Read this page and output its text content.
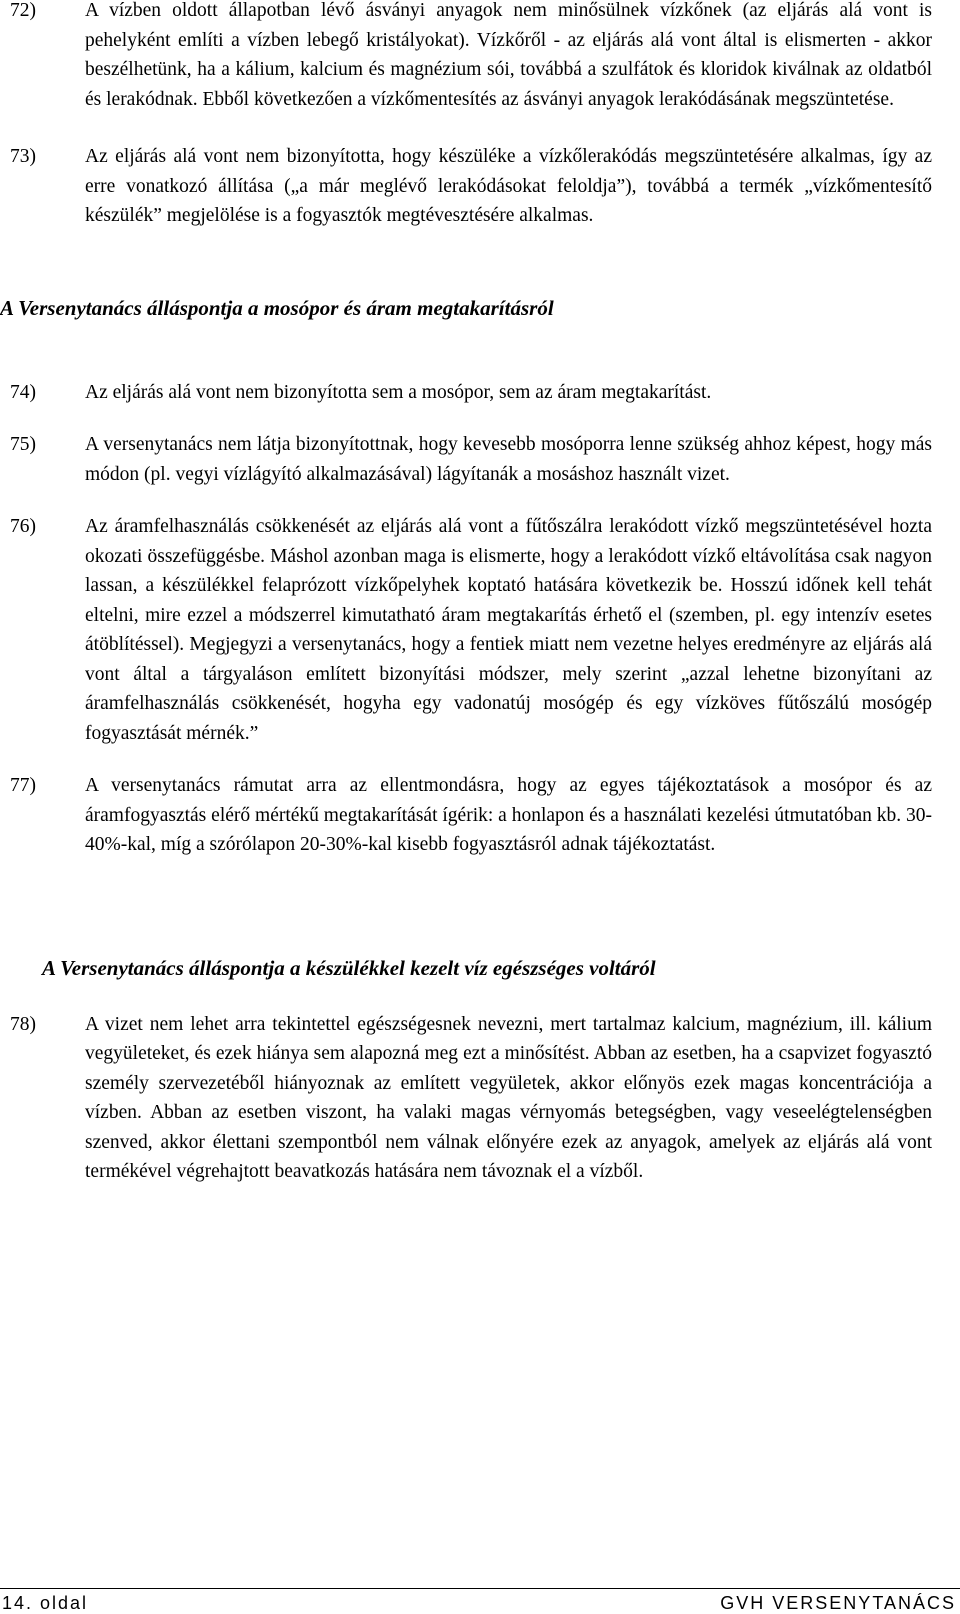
72)	A vízben oldott állapotban lévő ásványi anyagok nem minősülnek vízkőnek (az eljárás alá vont is pehelyként említi a vízben lebegő kristályokat). Vízkőről - az eljárás alá vont által is elismerten - akkor beszélhetünk, ha a kálium, kalcium és magnézium sói, továbbá a szulfátok és kloridok kiválnak az oldatból és lerakódnak. Ebből következően a vízkőmentesítés az ásványi anyagok lerakódásának megszüntetése.
73)	Az eljárás alá vont nem bizonyította, hogy készüléke a vízkőlerakódás megszüntetésére alkalmas, így az erre vonatkozó állítása („a már meglévő lerakódásokat feloldja”), továbbá a termék „vízkőmentesítő készülék” megjelölése is a fogyasztók megtévesztésére alkalmas.
A Versenytanács álláspontja a mosópor és áram megtakarításról
74)	Az eljárás alá vont nem bizonyította sem a mosópor, sem az áram megtakarítást.
75)	A versenytanács nem látja bizonyítottnak, hogy kevesebb mosóporra lenne szükség ahhoz képest, hogy más módon (pl. vegyi vízlágyító alkalmazásával) lágyítanák a mosáshoz használt vizet.
76)	Az áramfelhasználás csökkenését az eljárás alá vont a fűtőszálra lerakódott vízkő megszüntetésével hozta okozati összefüggésbe. Máshol azonban maga is elismerte, hogy a lerakódott vízkő eltávolítása csak nagyon lassan, a készülékkel felaprózott vízkőpelyhek koptató hatására következik be. Hosszú időnek kell tehát eltelni, mire ezzel a módszerrel kimutatható áram megtakarítás érhető el (szemben, pl. egy intenzív esetes átöblítéssel). Megjegyzi a versenytanács, hogy a fentiek miatt nem vezetne helyes eredményre az eljárás alá vont által a tárgyaláson említett bizonyítási módszer, mely szerint „azzal lehetne bizonyítani az áramfelhasználás csökkenését, hogyha egy vadonatúj mosógép és egy vízköves fűtőszálú mosógép fogyasztását mérnék.”
77)	A versenytanács rámutat arra az ellentmondásra, hogy az egyes tájékoztatások a mosópor és az áramfogyasztás elérő mértékű megtakarítását ígérik: a honlapon és a használati kezelési útmutatóban kb. 30-40%-kal, míg a szórólapon 20-30%-kal kisebb fogyasztásról adnak tájékoztatást.
A Versenytanács álláspontja a készülékkel kezelt víz egészséges voltáról
78)	A vizet nem lehet arra tekintettel egészségesnek nevezni, mert tartalmaz kalcium, magnézium, ill. kálium vegyületeket, és ezek hiánya sem alapozná meg ezt a minősítést. Abban az esetben, ha a csapvizet fogyasztó személy szervezetéből hiányoznak az említett vegyületek, akkor előnyös ezek magas koncentrációja a vízben. Abban az esetben viszont, ha valaki magas vérnyomás betegségben, vagy veseelégtelenségben szenved, akkor élettani szempontból nem válnak előnyére ezek az anyagok, amelyek az eljárás alá vont termékével végrehajtott beavatkozás hatására nem távoznak el a vízből.
14. oldal	GVH VERSENYTANÁCS
